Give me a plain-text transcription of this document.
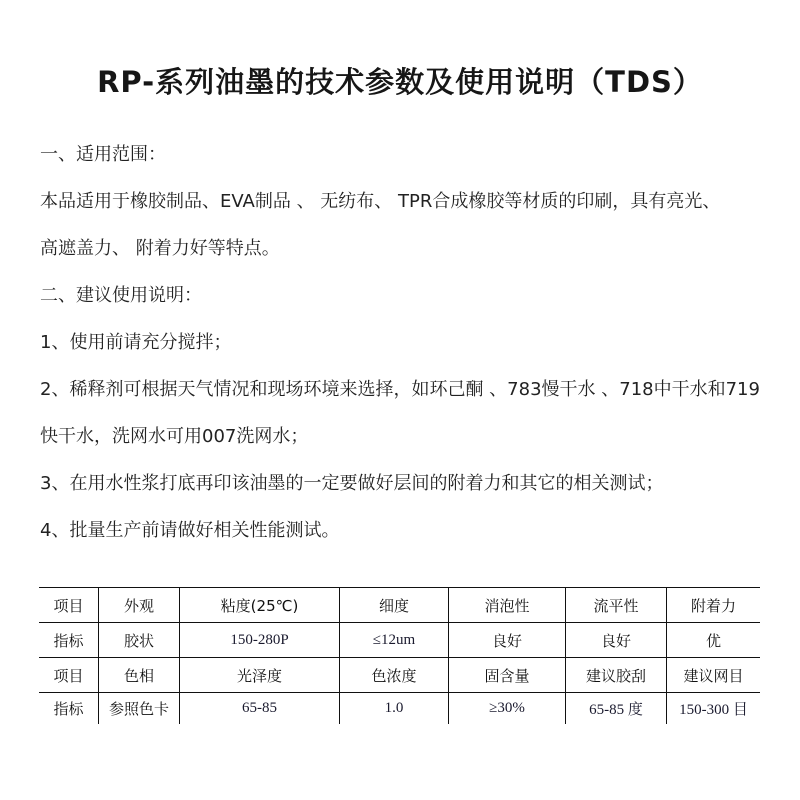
RP-系列油墨的技术参数及使用说明（TDS）
一、适用范围：
本品适用于橡胶制品、EVA制品 、 无纺布、 TPR合成橡胶等材质的印刷，具有亮光、
高遮盖力、 附着力好等特点。
二、建议使用说明：
1、使用前请充分搅拌；
2、稀释剂可根据天气情况和现场环境来选择，如环己酮 、783慢干水 、718中干水和719
快干水，洗网水可用007洗网水；
3、在用水性浆打底再印该油墨的一定要做好层间的附着力和其它的相关测试；
4、批量生产前请做好相关性能测试。
项目	外观	粘度(25℃)	细度	消泡性	流平性	附着力
指标	胶状	150-280P	≤12um	良好	良好	优
项目	色相	光泽度	色浓度	固含量	建议胶刮	建议网目
指标	参照色卡	65-85	1.0	≥30%	65-85 度	150-300 目
